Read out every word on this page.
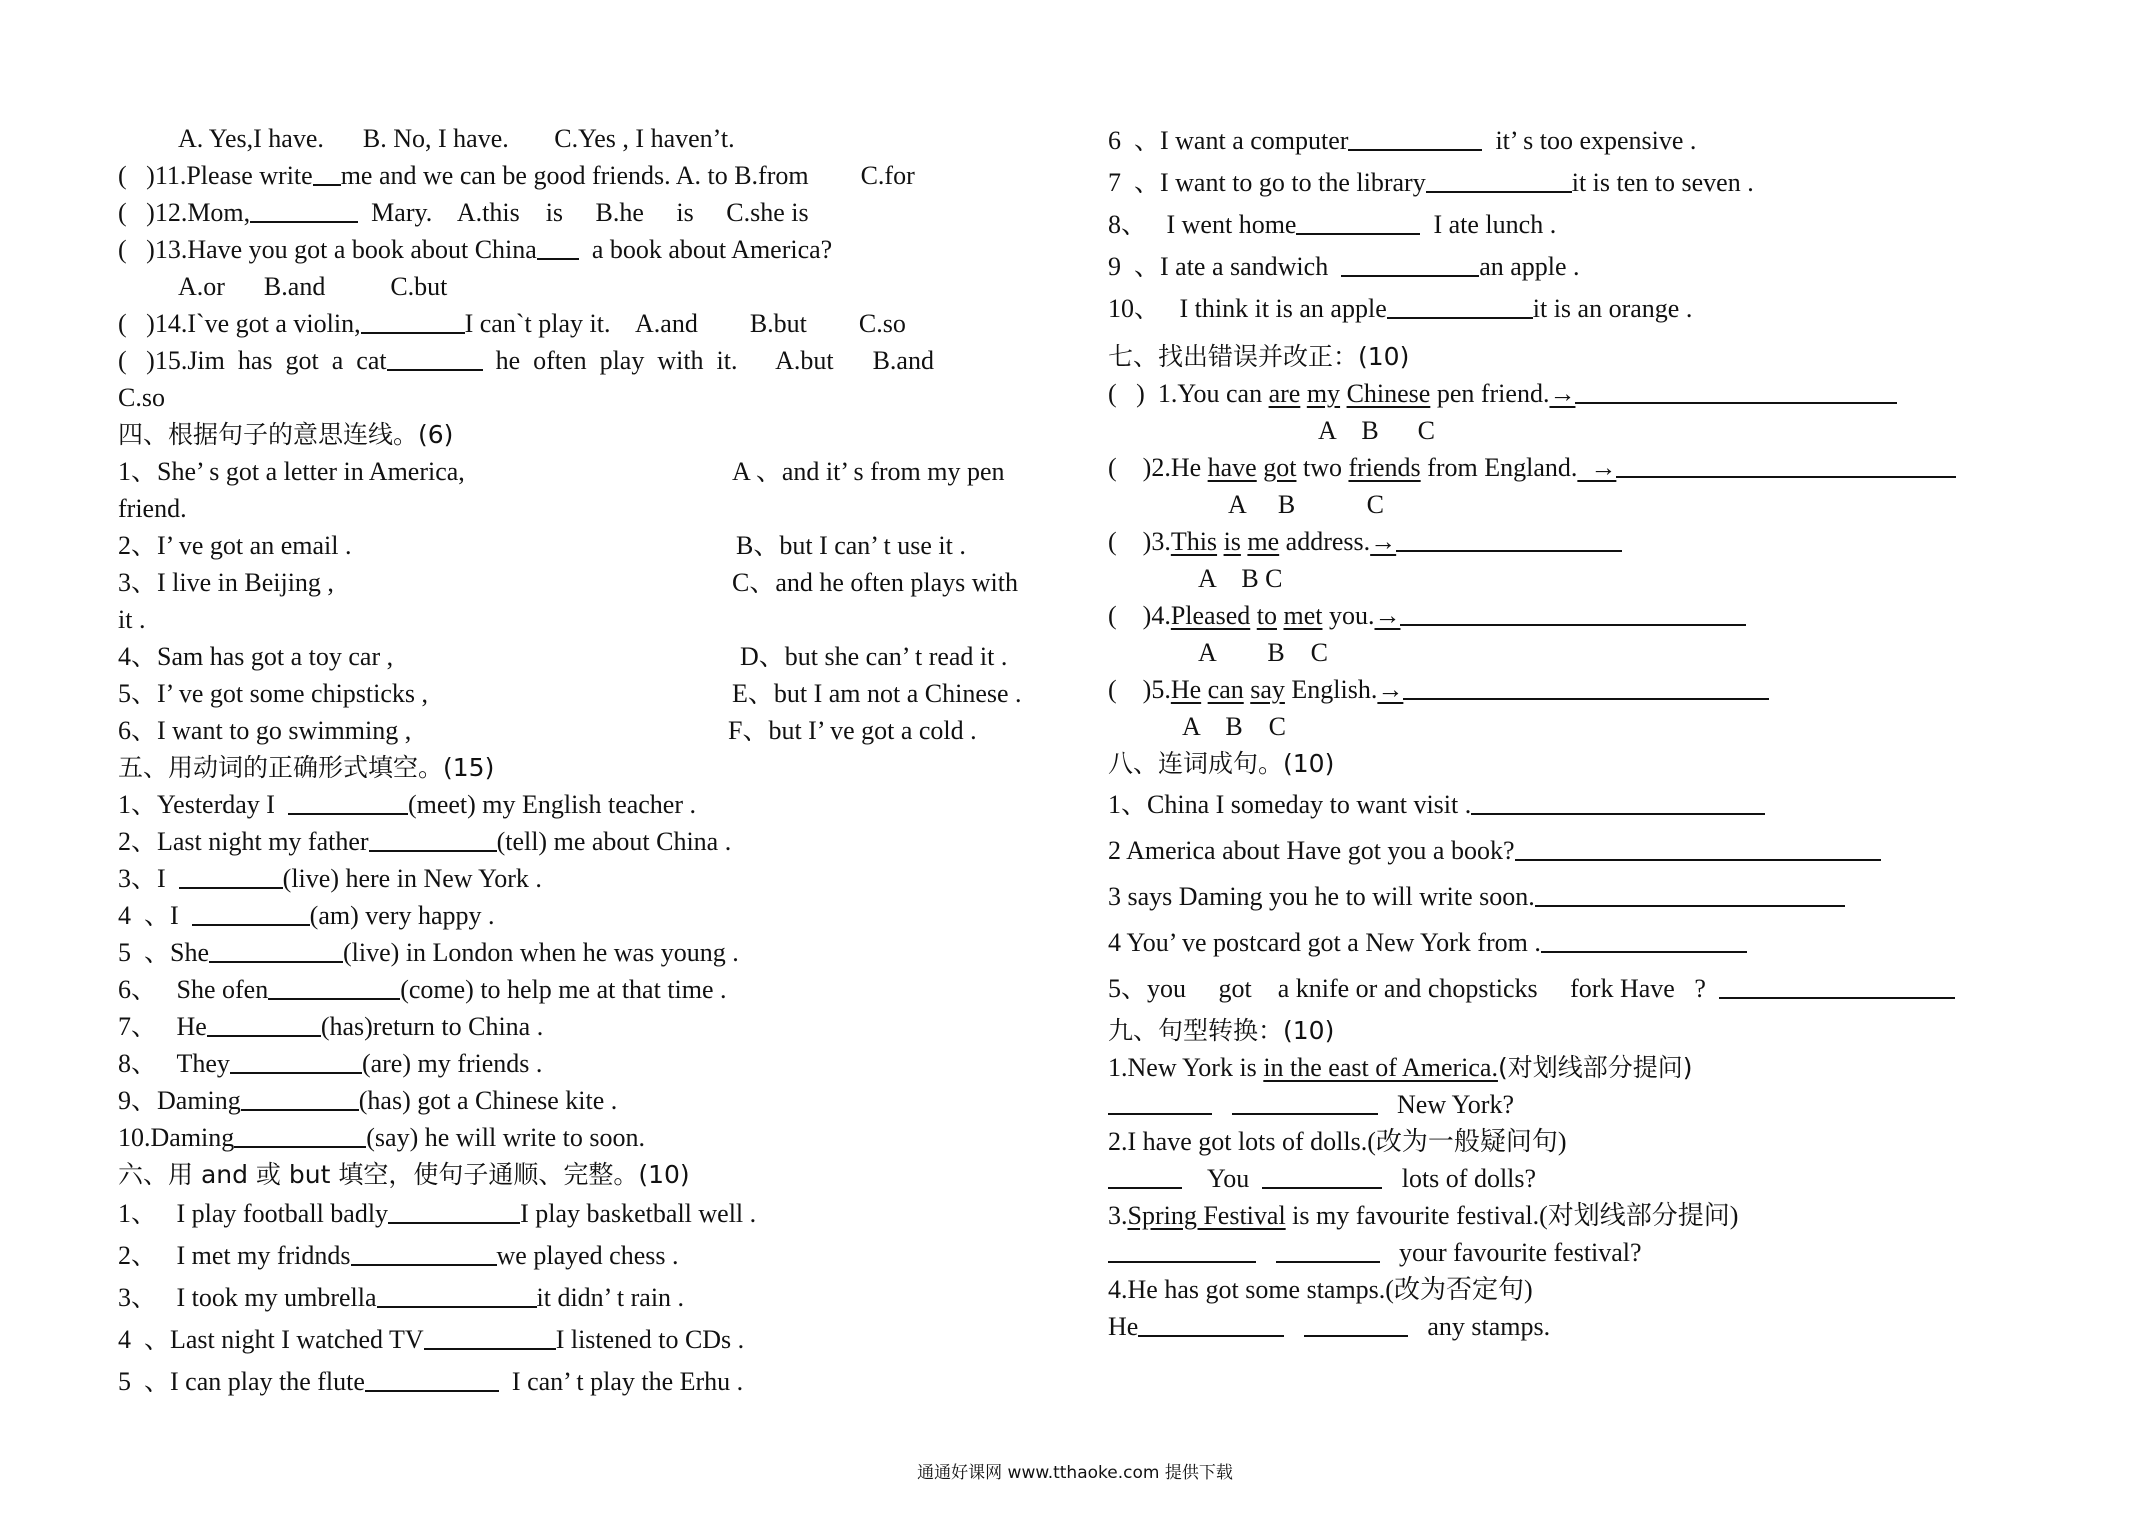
A. Yes,I have.      B. No, I have.       C.Yes , I haven’t.
(   )11.Please write me and we can be good friends. A. to B.from        C.for
(   )12.Mom,	Mary.    A.this    is     B.he     is     C.she is
(   )13.Have you got a book about China  a book about America?
A.or      B.and          C.but
(   )14.I`ve got a violin,	I can`t play it.    A.and        B.but        C.so
(   )15.Jim  has  got  a  cat	he  often  play  with  it.      A.but      B.and
C.so
四、根据句子的意思连线。(6)
1、She’ s got a letter in America,	A 、and it’ s from my pen
friend.
2、I’ ve got an email .	B、but I can’ t use it .
3、I live in Beijing ,	C、and he often plays with
it .
4、Sam has got a toy car ,	D、but she can’ t read it .
5、I’ ve got some chipsticks ,	E、but I am not a Chinese .
6、I want to go swimming ,	F、but I’ ve got a cold .
五、用动词的正确形式填空。(15)
1、Yesterday I	(meet) my English teacher .
2、Last night my father	(tell) me about China .
3、I	(live) here in New York .
4  、I	(am) very happy .
5  、She	(live) in London when he was young .
6、   She ofen	(come) to help me at that time .
7、   He	(has)return to China .
8、   They	(are) my friends .
9、Daming	(has) got a Chinese kite .
10.Daming	(say) he will write to soon.
六、用 and 或 but 填空，使句子通顺、完整。(10)
1、   I play football badly	I play basketball well .
2、   I met my fridnds	we played chess .
3、   I took my umbrella	it didn’ t rain .
4  、Last night I watched TV	I listened to CDs .
5  、I can play the flute	I can’ t play the Erhu .
6  、I want a computer	it’ s too expensive .
7  、I want to go to the library	it is ten to seven .
8、   I went home	I ate lunch .
9  、I ate a sandwich	an apple .
10、   I think it is an apple	it is an orange .
七、找出错误并改正：(10)
(   )  1.You can are my Chinese pen friend.→
A    B      C
(    )2.He have got two friends from England.  →
A     B           C
(    )3.This is me address.→
A    B C
(    )4.Pleased to met you.→
A        B    C
(    )5.He can say English.→
A    B    C
八、连词成句。(10)
1、China I someday to want visit .
2 America about Have got you a book?
3 says Daming you he to will write soon.
4 You’ ve postcard got a New York from .
5、you     got    a knife or and chopsticks     fork Have   ?
九、句型转换：(10)
1.New York is in the east of America.(对划线部分提问)
New York?
2.I have got lots of dolls.(改为一般疑问句)
You	lots of dolls?
3.Spring Festival is my favourite festival.(对划线部分提问)
your favourite festival?
4.He has got some stamps.(改为否定句)
He	any stamps.
通通好课网 www.tthaoke.com 提供下载
